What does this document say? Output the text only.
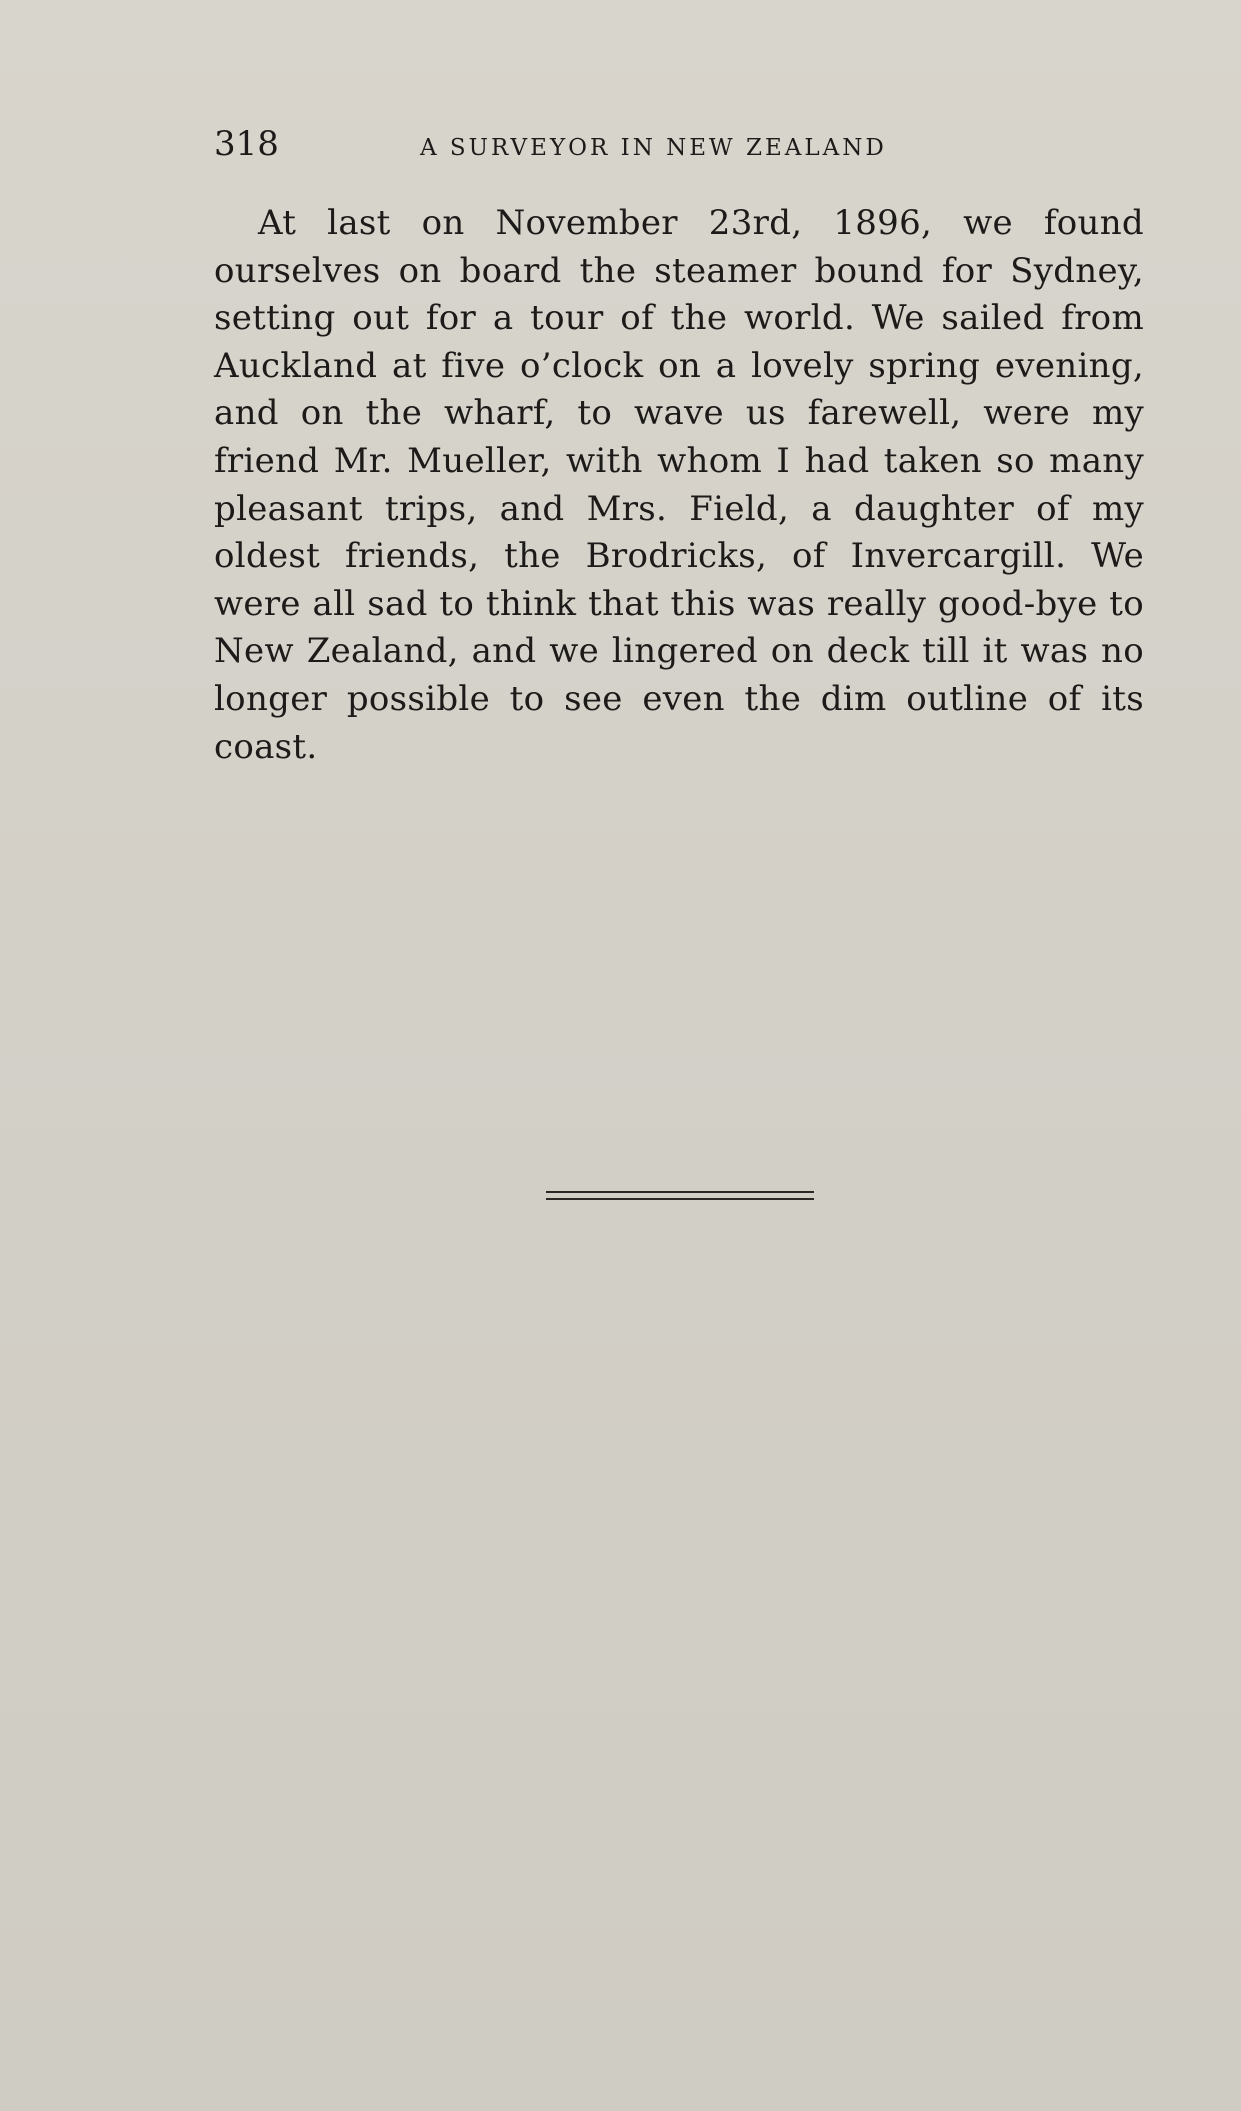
318	A SURVEYOR IN NEW ZEALAND

At last on November 23rd, 1896, we found ourselves on board the steamer bound for Sydney, setting out for a tour of the world. We sailed from Auckland at five o’clock on a lovely spring evening, and on the wharf, to wave us farewell, were my friend Mr. Mueller, with whom I had taken so many pleasant trips, and Mrs. Field, a daughter of my oldest friends, the Brodricks, of Invercargill. We were all sad to think that this was really good-bye to New Zealand, and we lingered on deck till it was no longer possible to see even the dim outline of its coast.
